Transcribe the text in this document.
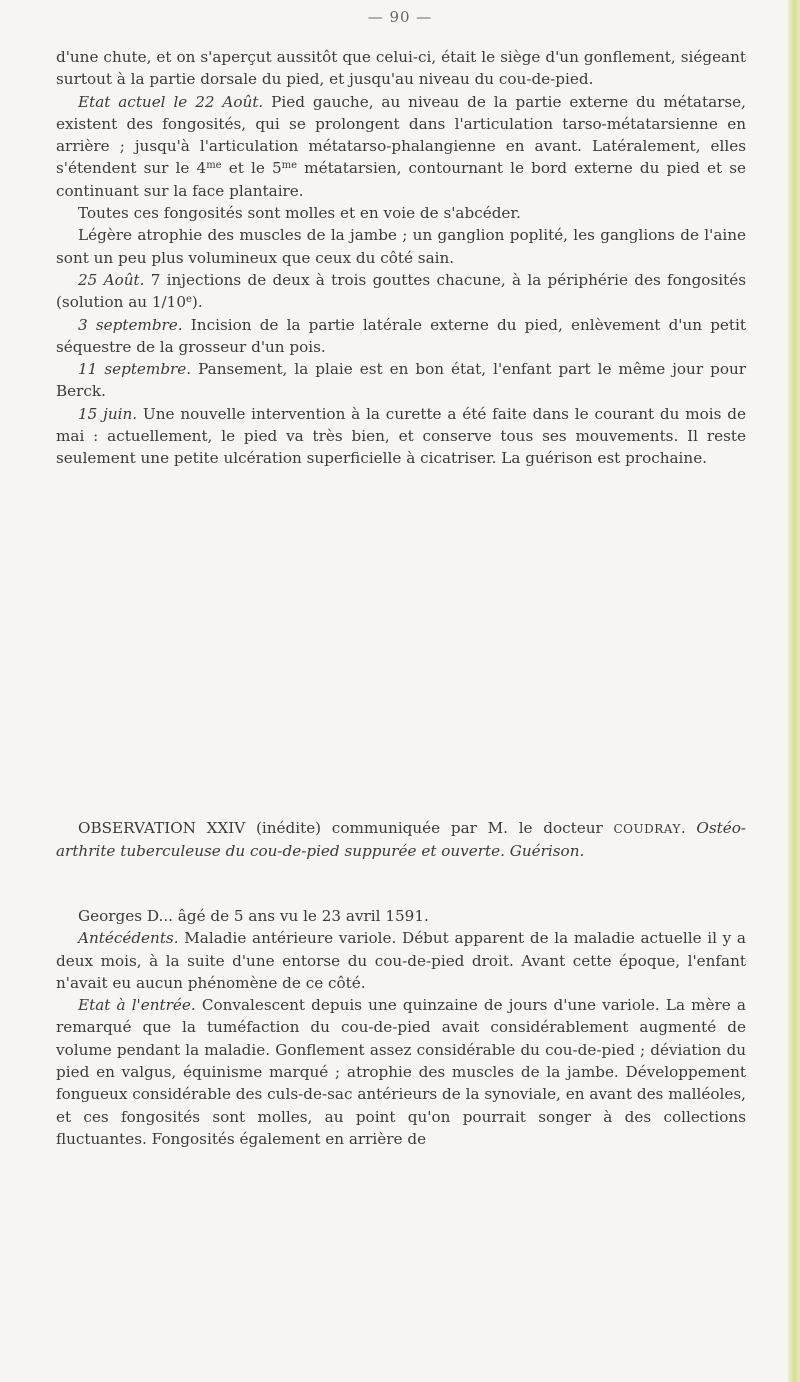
— 90 —

d'une chute, et on s'aperçut aussitôt que celui-ci, était le siège d'un gonflement, siégeant surtout à la partie dorsale du pied, et jusqu'au niveau du cou-de-pied.

Etat actuel le 22 Août. Pied gauche, au niveau de la partie externe du métatarse, existent des fongosités, qui se prolongent dans l'articulation tarso-métatarsienne en arrière ; jusqu'à l'articulation métatarso-phalangienne en avant. Latéralement, elles s'étendent sur le $4^{me}$ et le $5^{me}$ métatarsien, contournant le bord externe du pied et se continuant sur la face plantaire.

Toutes ces fongosités sont molles et en voie de s'abcéder.

Légère atrophie des muscles de la jambe ; un ganglion poplité, les ganglions de l'aine sont un peu plus volumineux que ceux du côté sain.

25 Août. 7 injections de deux à trois gouttes chacune, à la périphérie des fongosités (solution au 1/10e).

3 septembre. Incision de la partie latérale externe du pied, enlèvement d'un petit séquestre de la grosseur d'un pois.

11 septembre. Pansement, la plaie est en bon état, l'enfant part le même jour pour Berck.

15 juin. Une nouvelle intervention à la curette a été faite dans le courant du mois de mai : actuellement, le pied va très bien, et conserve tous ses mouvements. Il reste seulement une petite ulcération superficielle à cicatriser. La guérison est prochaine.

OBSERVATION XXIV (inédite) communiquée par M. le docteur COUDRAY. Ostéo-arthrite tuberculeuse du cou-de-pied suppurée et ouverte. Guérison.

Georges D... âgé de 5 ans vu le 23 avril 1591.

Antécédents. Maladie antérieure variole. Début apparent de la maladie actuelle il y a deux mois, à la suite d'une entorse du cou-de-pied droit. Avant cette époque, l'enfant n'avait eu aucun phénomène de ce côté.

Etat à l'entrée. Convalescent depuis une quinzaine de jours d'une variole. La mère a remarqué que la tuméfaction du cou-de-pied avait considérablement augmenté de volume pendant la maladie. Gonflement assez considérable du cou-de-pied ; déviation du pied en valgus, équinisme marqué ; atrophie des muscles de la jambe. Développement fongueux considérable des culs-de-sac antérieurs de la synoviale, en avant des malléoles, et ces fongosités sont molles, au point qu'on pourrait songer à des collections fluctuantes. Fongosités également en arrière de
